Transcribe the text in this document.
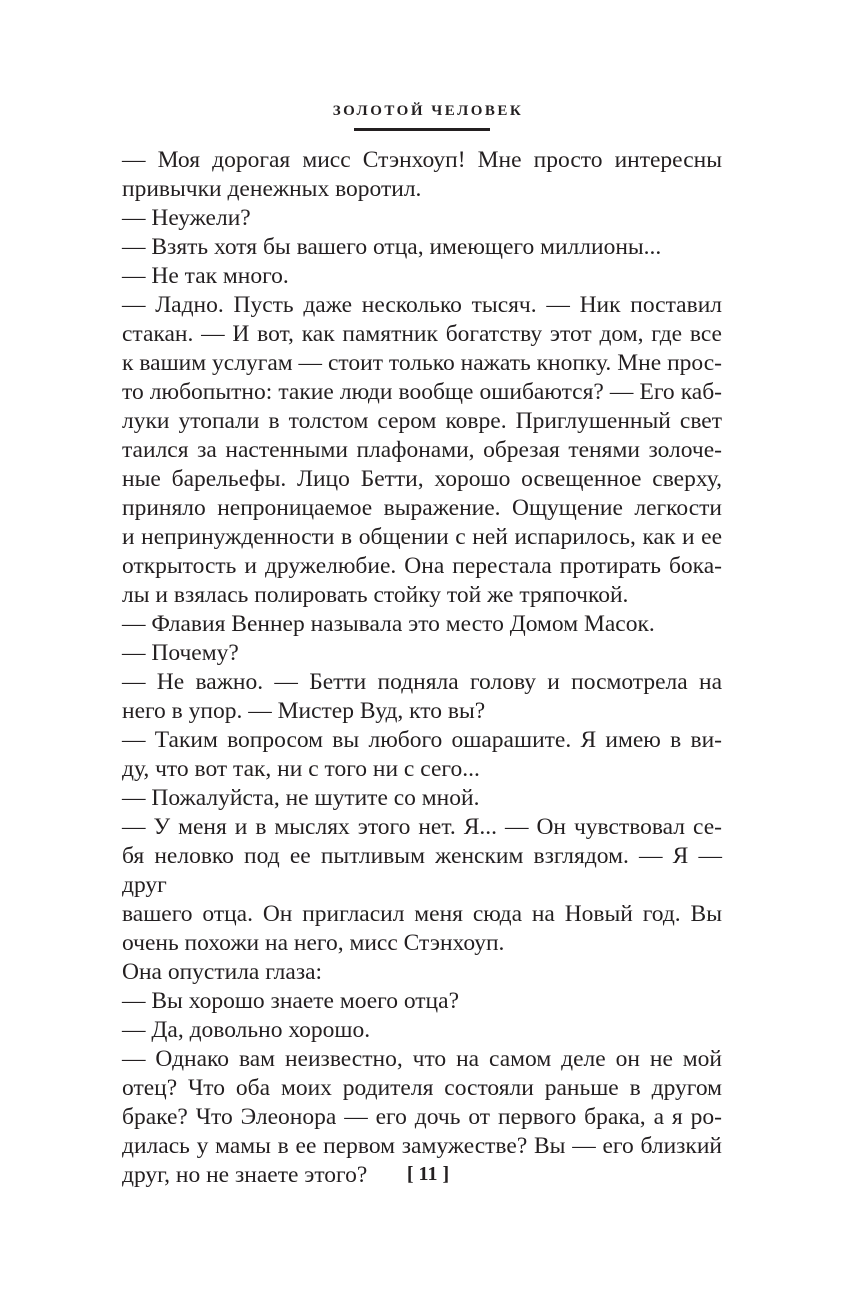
ЗОЛОТОЙ ЧЕЛОВЕК
— Моя дорогая мисс Стэнхоуп! Мне просто интересны
привычки денежных воротил.
— Неужели?
— Взять хотя бы вашего отца, имеющего миллионы...
— Не так много.
— Ладно. Пусть даже несколько тысяч. — Ник поставил
стакан. — И вот, как памятник богатству этот дом, где все
к вашим услугам — стоит только нажать кнопку. Мне прос-
то любопытно: такие люди вообще ошибаются? — Его каб-
луки утопали в толстом сером ковре. Приглушенный свет
таился за настенными плафонами, обрезая тенями золоче-
ные барельефы. Лицо Бетти, хорошо освещенное сверху,
приняло непроницаемое выражение. Ощущение легкости
и непринужденности в общении с ней испарилось, как и ее
открытость и дружелюбие. Она перестала протирать бока-
лы и взялась полировать стойку той же тряпочкой.
— Флавия Веннер называла это место Домом Масок.
— Почему?
— Не важно. — Бетти подняла голову и посмотрела на
него в упор. — Мистер Вуд, кто вы?
— Таким вопросом вы любого ошарашите. Я имею в ви-
ду, что вот так, ни с того ни с сего...
— Пожалуйста, не шутите со мной.
— У меня и в мыслях этого нет. Я... — Он чувствовал се-
бя неловко под ее пытливым женским взглядом. — Я — друг
вашего отца. Он пригласил меня сюда на Новый год. Вы
очень похожи на него, мисс Стэнхоуп.
Она опустила глаза:
— Вы хорошо знаете моего отца?
— Да, довольно хорошо.
— Однако вам неизвестно, что на самом деле он не мой
отец? Что оба моих родителя состояли раньше в другом
браке? Что Элеонора — его дочь от первого брака, а я ро-
дилась у мамы в ее первом замужестве? Вы — его близкий
друг, но не знаете этого?	[ 11 ]
